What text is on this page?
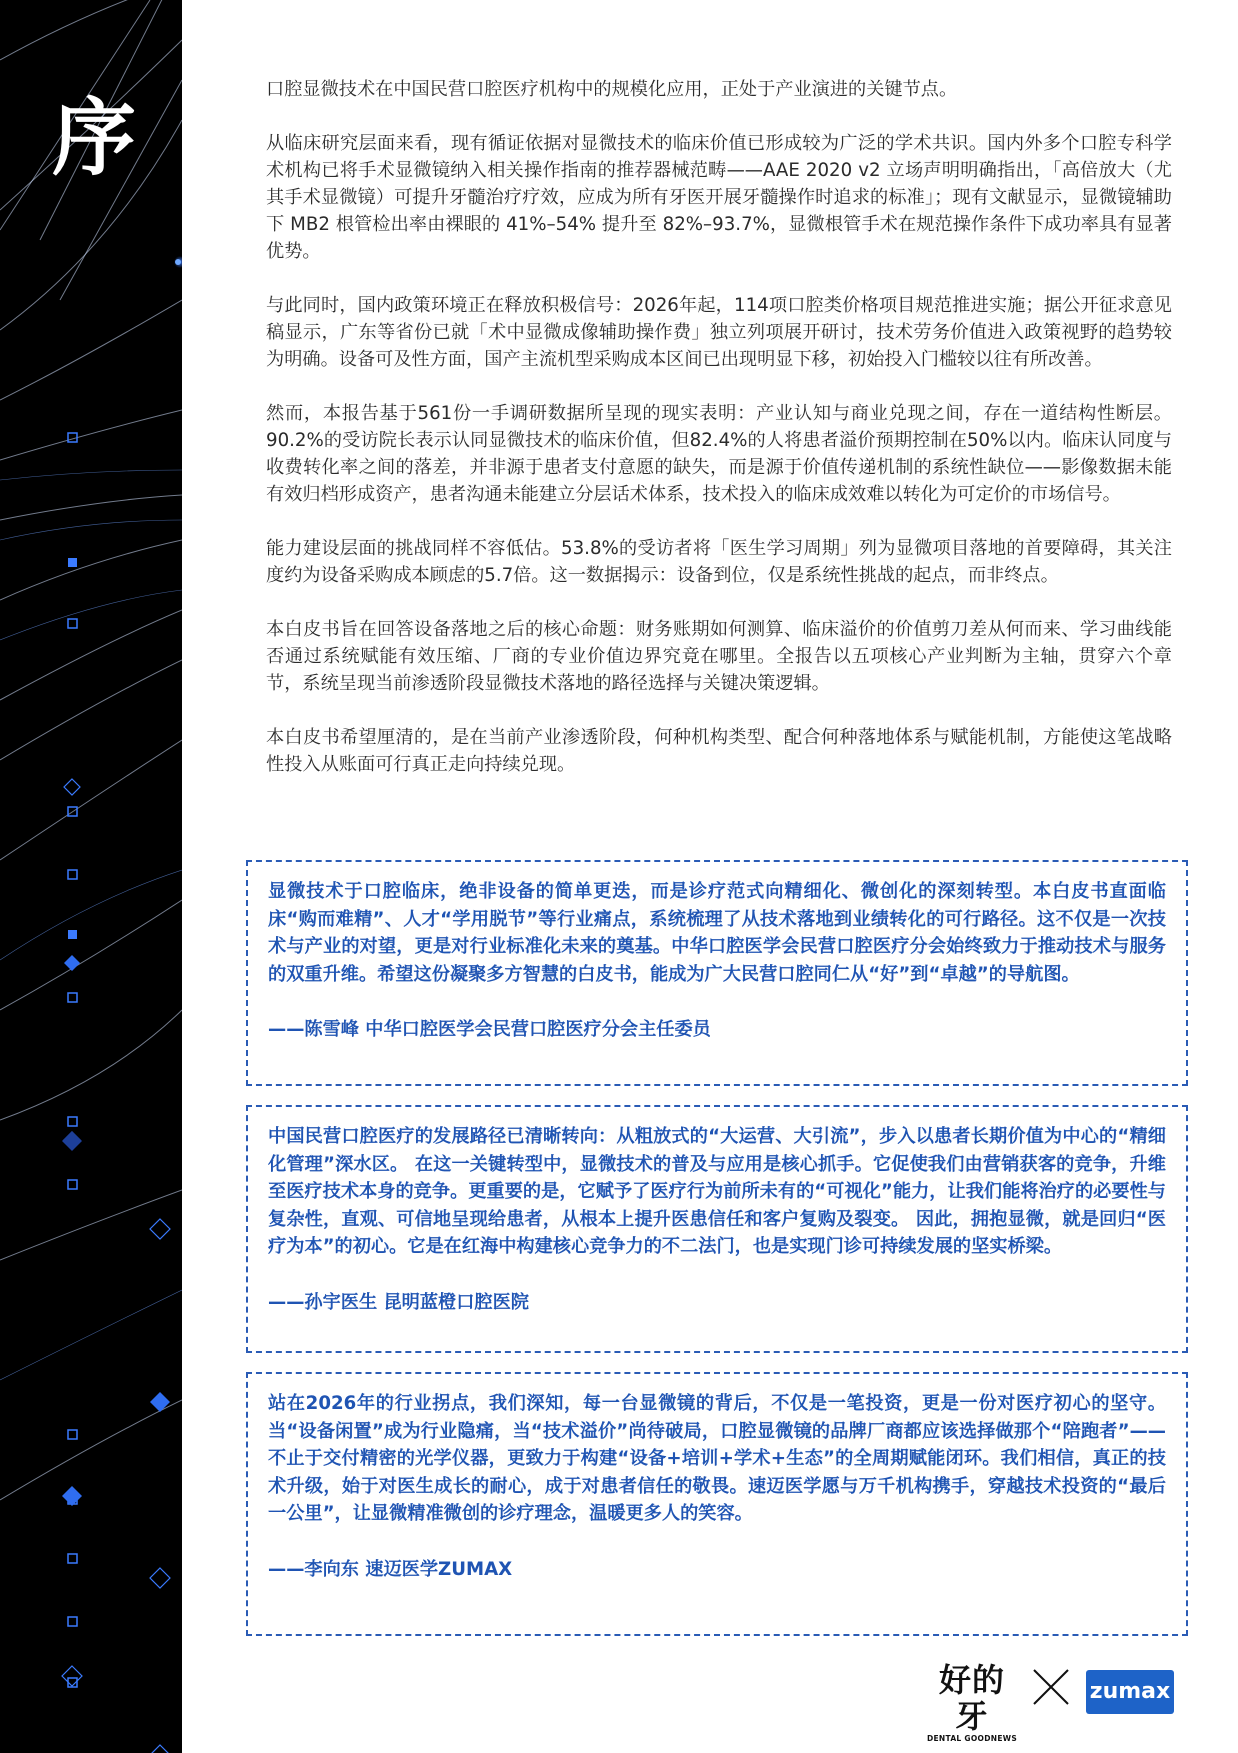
序	口腔显微技术在中国民营口腔医疗机构中的规模化应用，正处于产业演进的关键节点。

从临床研究层面来看，现有循证依据对显微技术的临床价值已形成较为广泛的学术共识。国内外多个口腔专科学术机构已将手术显微镜纳入相关操作指南的推荐器械范畴——AAE 2020 v2 立场声明明确指出，「高倍放大（尤其手术显微镜）可提升牙髓治疗疗效，应成为所有牙医开展牙髓操作时追求的标准」；现有文献显示，显微镜辅助下 MB2 根管检出率由裸眼的 41%–54% 提升至 82%–93.7%，显微根管手术在规范操作条件下成功率具有显著优势。

与此同时，国内政策环境正在释放积极信号：2026年起，114项口腔类价格项目规范推进实施；据公开征求意见稿显示，广东等省份已就「术中显微成像辅助操作费」独立列项展开研讨，技术劳务价值进入政策视野的趋势较为明确。设备可及性方面，国产主流机型采购成本区间已出现明显下移，初始投入门槛较以往有所改善。

然而，本报告基于561份一手调研数据所呈现的现实表明：产业认知与商业兑现之间，存在一道结构性断层。90.2%的受访院长表示认同显微技术的临床价值，但82.4%的人将患者溢价预期控制在50%以内。临床认同度与收费转化率之间的落差，并非源于患者支付意愿的缺失，而是源于价值传递机制的系统性缺位——影像数据未能有效归档形成资产，患者沟通未能建立分层话术体系，技术投入的临床成效难以转化为可定价的市场信号。

能力建设层面的挑战同样不容低估。53.8%的受访者将「医生学习周期」列为显微项目落地的首要障碍，其关注度约为设备采购成本顾虑的5.7倍。这一数据揭示：设备到位，仅是系统性挑战的起点，而非终点。

本白皮书旨在回答设备落地之后的核心命题：财务账期如何测算、临床溢价的价值剪刀差从何而来、学习曲线能否通过系统赋能有效压缩、厂商的专业价值边界究竟在哪里。全报告以五项核心产业判断为主轴，贯穿六个章节，系统呈现当前渗透阶段显微技术落地的路径选择与关键决策逻辑。

本白皮书希望厘清的，是在当前产业渗透阶段，何种机构类型、配合何种落地体系与赋能机制，方能使这笔战略性投入从账面可行真正走向持续兑现。

显微技术于口腔临床，绝非设备的简单更迭，而是诊疗范式向精细化、微创化的深刻转型。本白皮书直面临床“购而难精”、人才“学用脱节”等行业痛点，系统梳理了从技术落地到业绩转化的可行路径。这不仅是一次技术与产业的对望，更是对行业标准化未来的奠基。中华口腔医学会民营口腔医疗分会始终致力于推动技术与服务的双重升维。希望这份凝聚多方智慧的白皮书，能成为广大民营口腔同仁从“好”到“卓越”的导航图。

——陈雪峰 中华口腔医学会民营口腔医疗分会主任委员

中国民营口腔医疗的发展路径已清晰转向：从粗放式的“大运营、大引流”，步入以患者长期价值为中心的“精细化管理”深水区。 在这一关键转型中，显微技术的普及与应用是核心抓手。它促使我们由营销获客的竞争，升维至医疗技术本身的竞争。更重要的是，它赋予了医疗行为前所未有的“可视化”能力，让我们能将治疗的必要性与复杂性，直观、可信地呈现给患者，从根本上提升医患信任和客户复购及裂变。 因此，拥抱显微，就是回归“医疗为本”的初心。它是在红海中构建核心竞争力的不二法门，也是实现门诊可持续发展的坚实桥梁。

——孙宇医生 昆明蓝橙口腔医院

站在2026年的行业拐点，我们深知，每一台显微镜的背后，不仅是一笔投资，更是一份对医疗初心的坚守。当“设备闲置”成为行业隐痛，当“技术溢价”尚待破局，口腔显微镜的品牌厂商都应该选择做那个“陪跑者”——不止于交付精密的光学仪器，更致力于构建“设备+培训+学术+生态”的全周期赋能闭环。我们相信，真正的技术升级，始于对医生成长的耐心，成于对患者信任的敬畏。速迈医学愿与万千机构携手，穿越技术投资的“最后一公里”，让显微精准微创的诊疗理念，温暖更多人的笑容。

——李向东 速迈医学ZUMAX

好的牙
DENTAL GOODNEWS
zumax
